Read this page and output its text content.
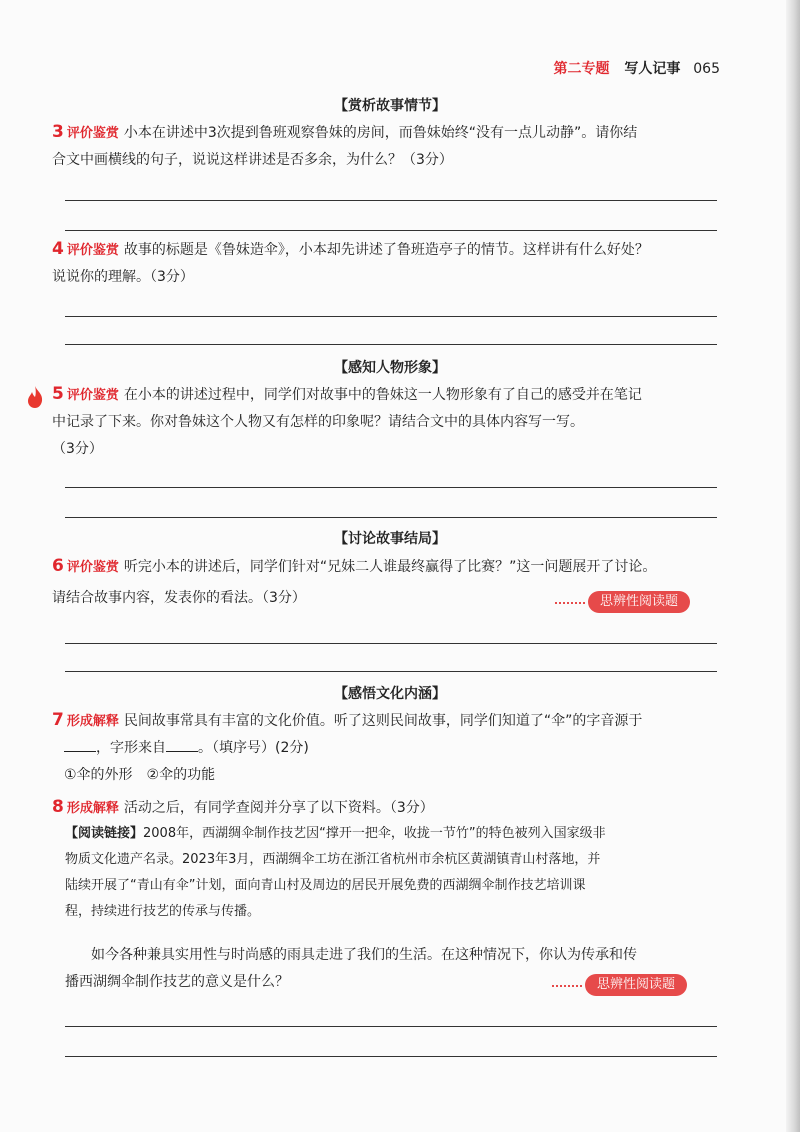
第二专题 写人记事 065
【赏析故事情节】
3 评价鉴赏 小本在讲述中3次提到鲁班观察鲁妹的房间，而鲁妹始终“没有一点儿动静”。请你结
合文中画横线的句子，说说这样讲述是否多余，为什么？（3分）
4 评价鉴赏 故事的标题是《鲁妹造伞》，小本却先讲述了鲁班造亭子的情节。这样讲有什么好处？
说说你的理解。（3分）
【感知人物形象】
5 评价鉴赏 在小本的讲述过程中，同学们对故事中的鲁妹这一人物形象有了自己的感受并在笔记
中记录了下来。你对鲁妹这个人物又有怎样的印象呢？请结合文中的具体内容写一写。
（3分）
【讨论故事结局】
6 评价鉴赏 听完小本的讲述后，同学们针对“兄妹二人谁最终赢得了比赛？”这一问题展开了讨论。
请结合故事内容，发表你的看法。（3分）	思辨性阅读题
【感悟文化内涵】
7 形成解释 民间故事常具有丰富的文化价值。听了这则民间故事，同学们知道了“伞”的字音源于
，字形来自 。（填序号）(2分)
①伞的外形　②伞的功能
8 形成解释 活动之后，有同学查阅并分享了以下资料。（3分）
【阅读链接】2008年，西湖绸伞制作技艺因“撑开一把伞，收拢一节竹”的特色被列入国家级非
物质文化遗产名录。2023年3月，西湖绸伞工坊在浙江省杭州市余杭区黄湖镇青山村落地，并
陆续开展了“青山有伞”计划，面向青山村及周边的居民开展免费的西湖绸伞制作技艺培训课
程，持续进行技艺的传承与传播。
如今各种兼具实用性与时尚感的雨具走进了我们的生活。在这种情况下，你认为传承和传
播西湖绸伞制作技艺的意义是什么？	思辨性阅读题
